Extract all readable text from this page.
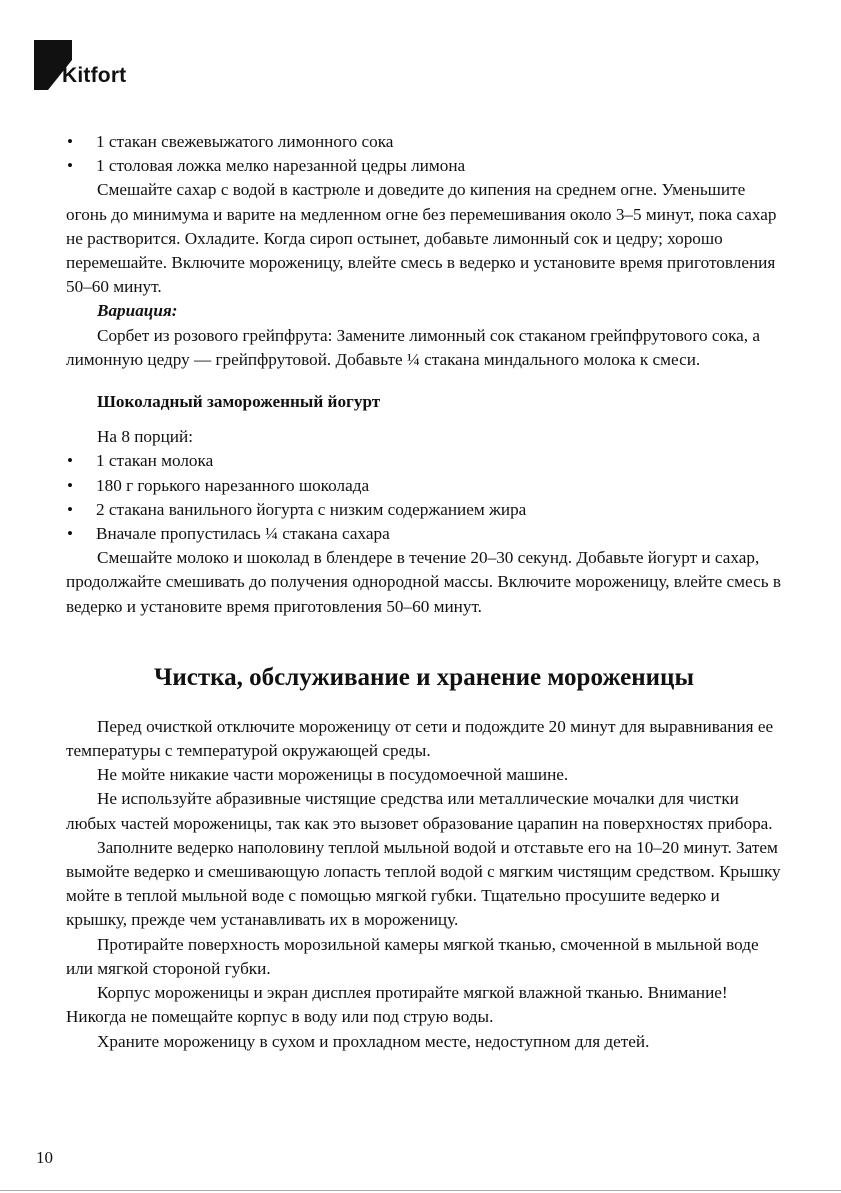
Kitfort

• 1 стакан свежевыжатого лимонного сока

• 1 столовая ложка мелко нарезанной цедры лимона

Смешайте сахар с водой в кастрюле и доведите до кипения на среднем огне. Уменьшите огонь до минимума и варите на медленном огне без перемешивания около 3–5 минут, пока сахар не растворится. Охладите. Когда сироп остынет, добавьте лимонный сок и цедру; хорошо перемешайте. Включите мороженицу, влейте смесь в ведерко и установите время приготовления 50–60 минут.

Вариация:

Сорбет из розового грейпфрута: Замените лимонный сок стаканом грейпфрутового сока, а лимонную цедру — грейпфрутовой. Добавьте ¼ стакана миндального молока к смеси.

Шоколадный замороженный йогурт

На 8 порций:

• 1 стакан молока

• 180 г горького нарезанного шоколада

• 2 стакана ванильного йогурта с низким содержанием жира

• Вначале пропустилась ¼ стакана сахара

Смешайте молоко и шоколад в блендере в течение 20–30 секунд. Добавьте йогурт и сахар, продолжайте смешивать до получения однородной массы. Включите мороженицу, влейте смесь в ведерко и установите время приготовления 50–60 минут.

Чистка, обслуживание и хранение мороженицы

Перед очисткой отключите мороженицу от сети и подождите 20 минут для выравнивания ее температуры с температурой окружающей среды.

Не мойте никакие части мороженицы в посудомоечной машине.

Не используйте абразивные чистящие средства или металлические мочалки для чистки любых частей мороженицы, так как это вызовет образование царапин на поверхностях прибора.

Заполните ведерко наполовину теплой мыльной водой и отставьте его на 10–20 минут. Затем вымойте ведерко и смешивающую лопасть теплой водой с мягким чистящим средством. Крышку мойте в теплой мыльной воде с помощью мягкой губки. Тщательно просушите ведерко и крышку, прежде чем устанавливать их в мороженицу.

Протирайте поверхность морозильной камеры мягкой тканью, смоченной в мыльной воде или мягкой стороной губки.

Корпус мороженицы и экран дисплея протирайте мягкой влажной тканью. Внимание! Никогда не помещайте корпус в воду или под струю воды.

Храните мороженицу в сухом и прохладном месте, недоступном для детей.

10
